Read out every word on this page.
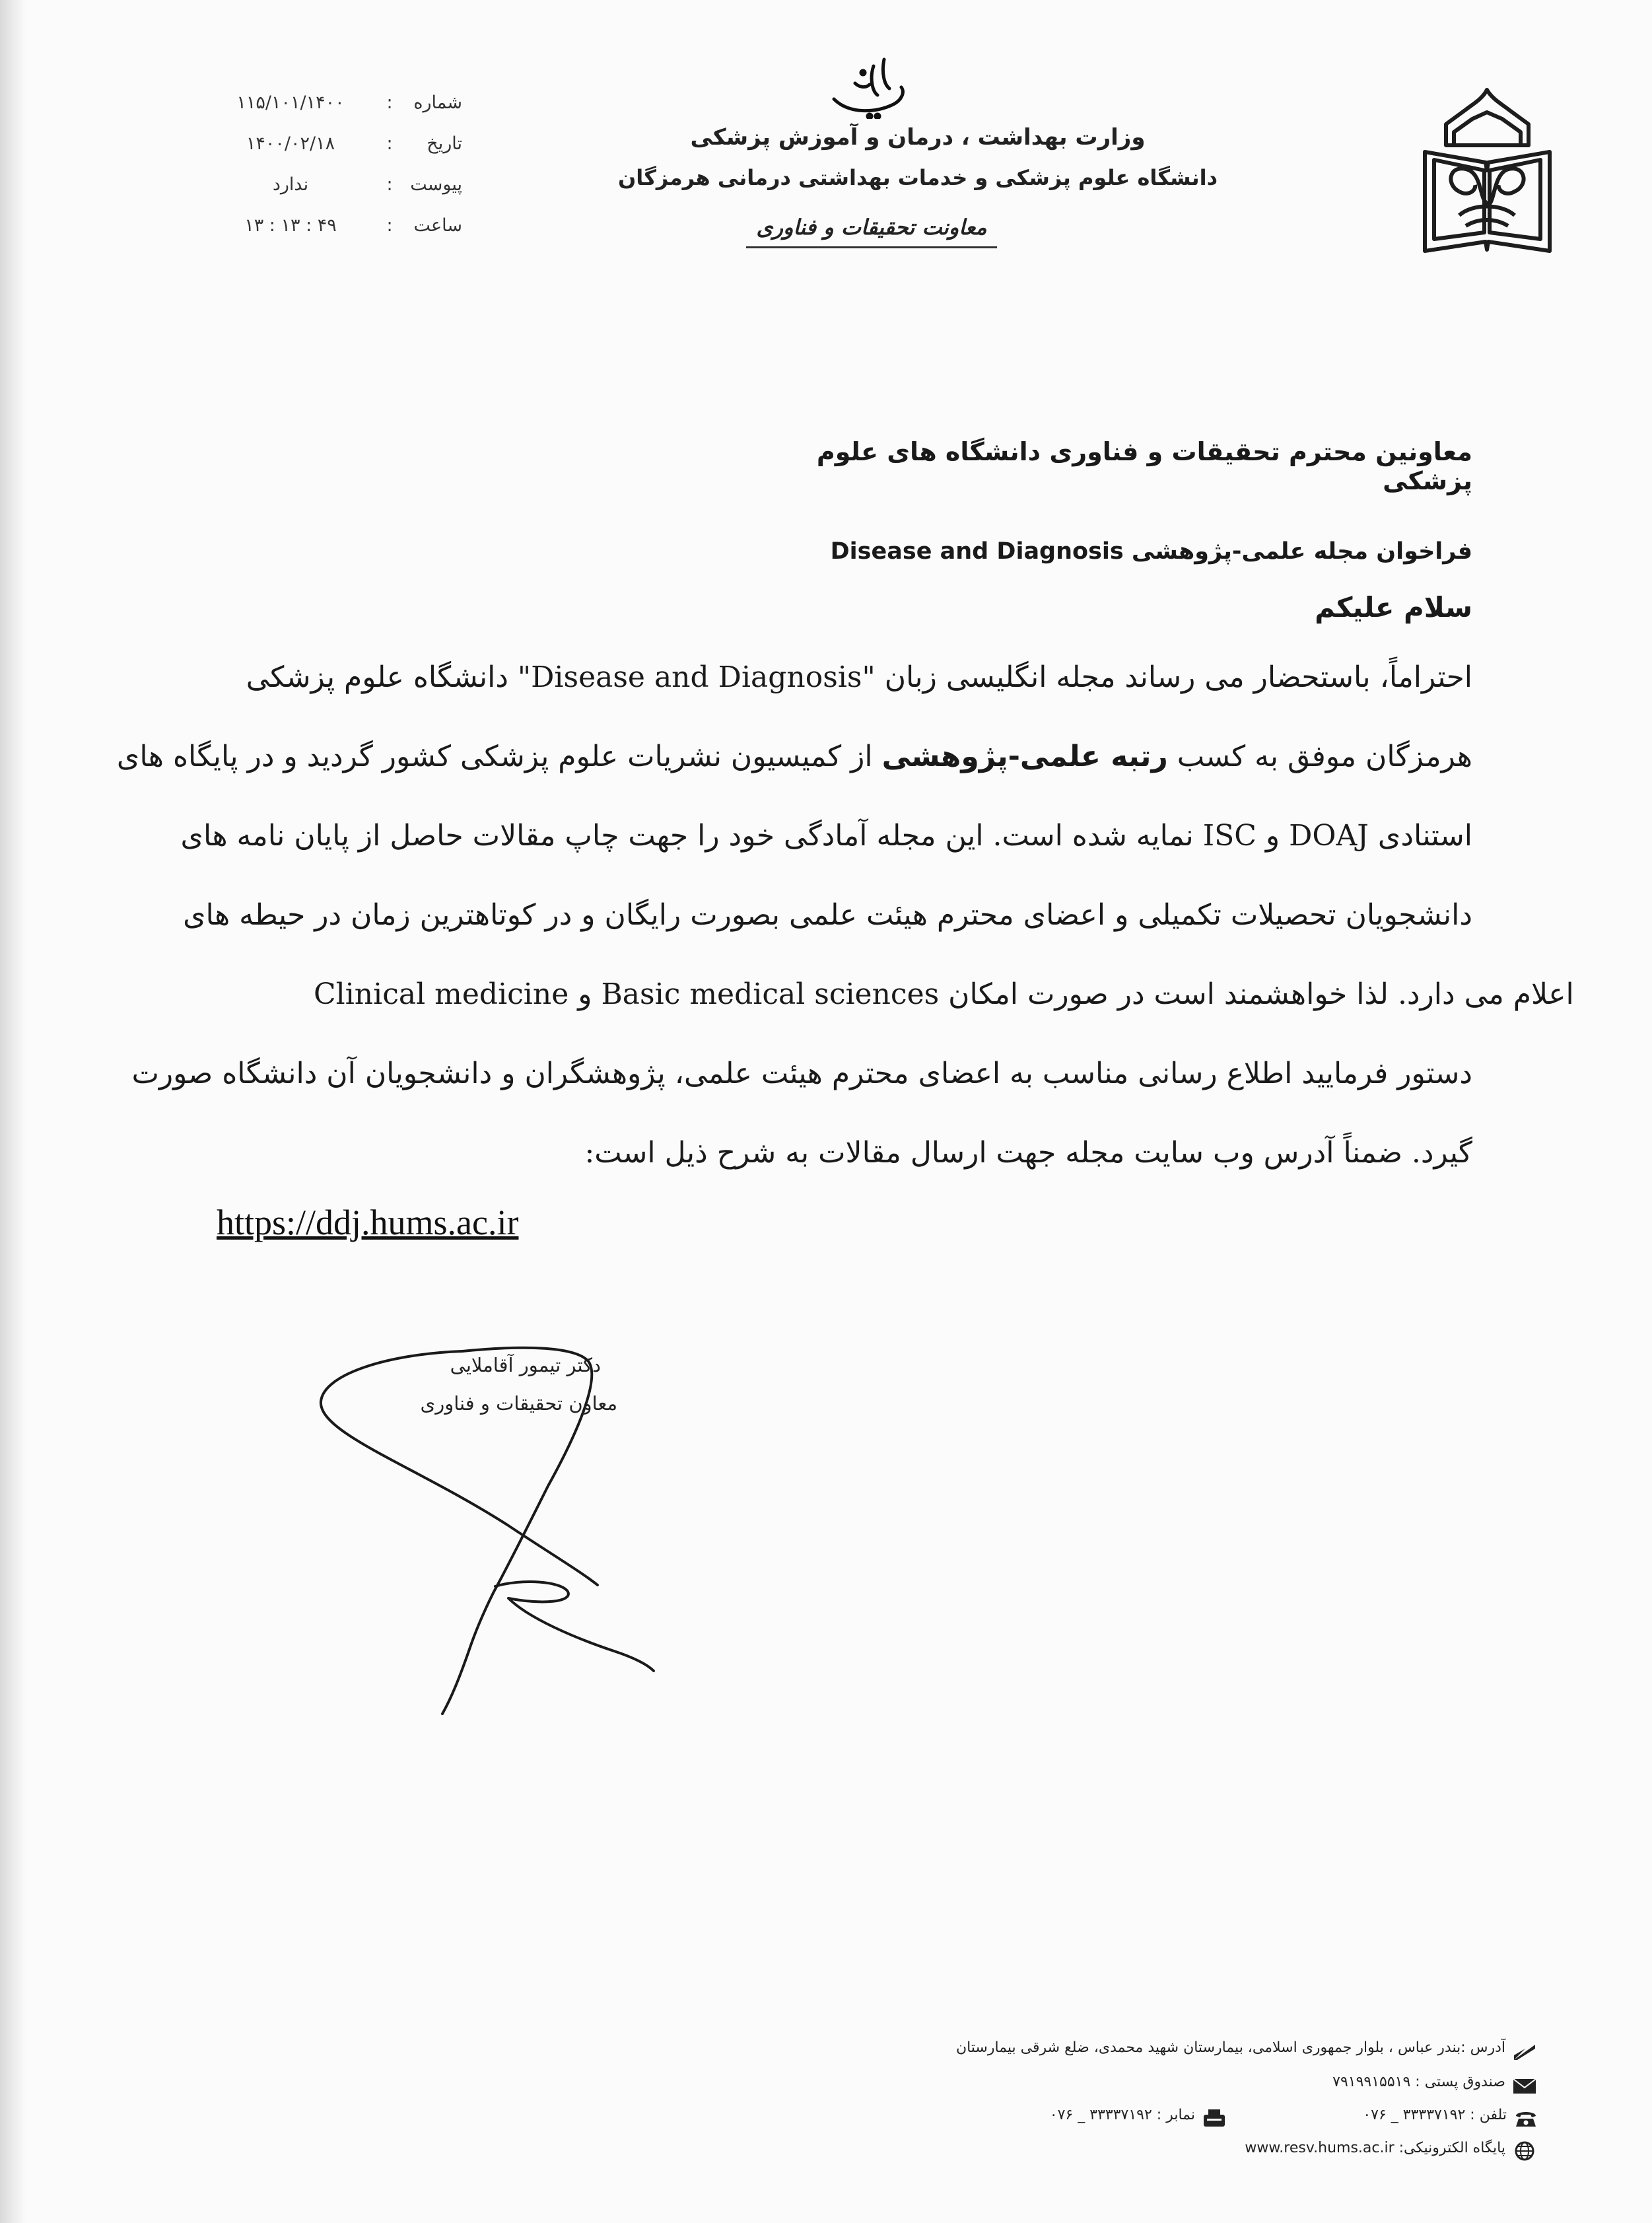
وزارت بهداشت ، درمان و آموزش پزشکی
دانشگاه علوم پزشکی و خدمات بهداشتی درمانی هرمزگان
معاونت تحقیقات و فناوری
شماره
:
۱۱۵/۱۰۱/۱۴۰۰
تاریخ
:
۱۴۰۰/۰۲/۱۸
پیوست
:
ندارد
ساعت
:
۱۳ : ۱۳ : ۴۹
معاونین محترم تحقیقات و فناوری دانشگاه های علوم پزشکی
فراخوان مجله علمی-پژوهشی Disease and Diagnosis
سلام علیکم
احتراماً، باستحضار می رساند مجله انگلیسی زبان "Disease and Diagnosis" دانشگاه علوم پزشکی
هرمزگان موفق به کسب رتبه علمی-پژوهشی از کمیسیون نشریات علوم پزشکی کشور گردید و در پایگاه های
استنادی DOAJ و ISC نمایه شده است. این مجله آمادگی خود را جهت چاپ مقالات حاصل از پایان نامه های
دانشجویان تحصیلات تکمیلی و اعضای محترم هیئت علمی بصورت رایگان و در کوتاهترین زمان در حیطه های
Clinical medicine و Basic medical sciences اعلام می دارد. لذا خواهشمند است در صورت امکان
دستور فرمایید اطلاع رسانی مناسب به اعضای محترم هیئت علمی، پژوهشگران و دانشجویان آن دانشگاه صورت
گیرد. ضمناً آدرس وب سایت مجله جهت ارسال مقالات به شرح ذیل است:
https://ddj.hums.ac.ir
دکتر تیمور آقاملایی
معاون تحقیقات و فناوری
آدرس :بندر عباس ، بلوار جمهوری اسلامی، بیمارستان شهید محمدی، ضلع شرقی بیمارستان
صندوق پستی : ۷۹۱۹۹۱۵۵۱۹
نمابر : ۳۳۳۳۷۱۹۲ _ ۰۷۶	تلفن : ۳۳۳۳۷۱۹۲ _ ۰۷۶
پایگاه الکترونیکی: www.resv.hums.ac.ir
